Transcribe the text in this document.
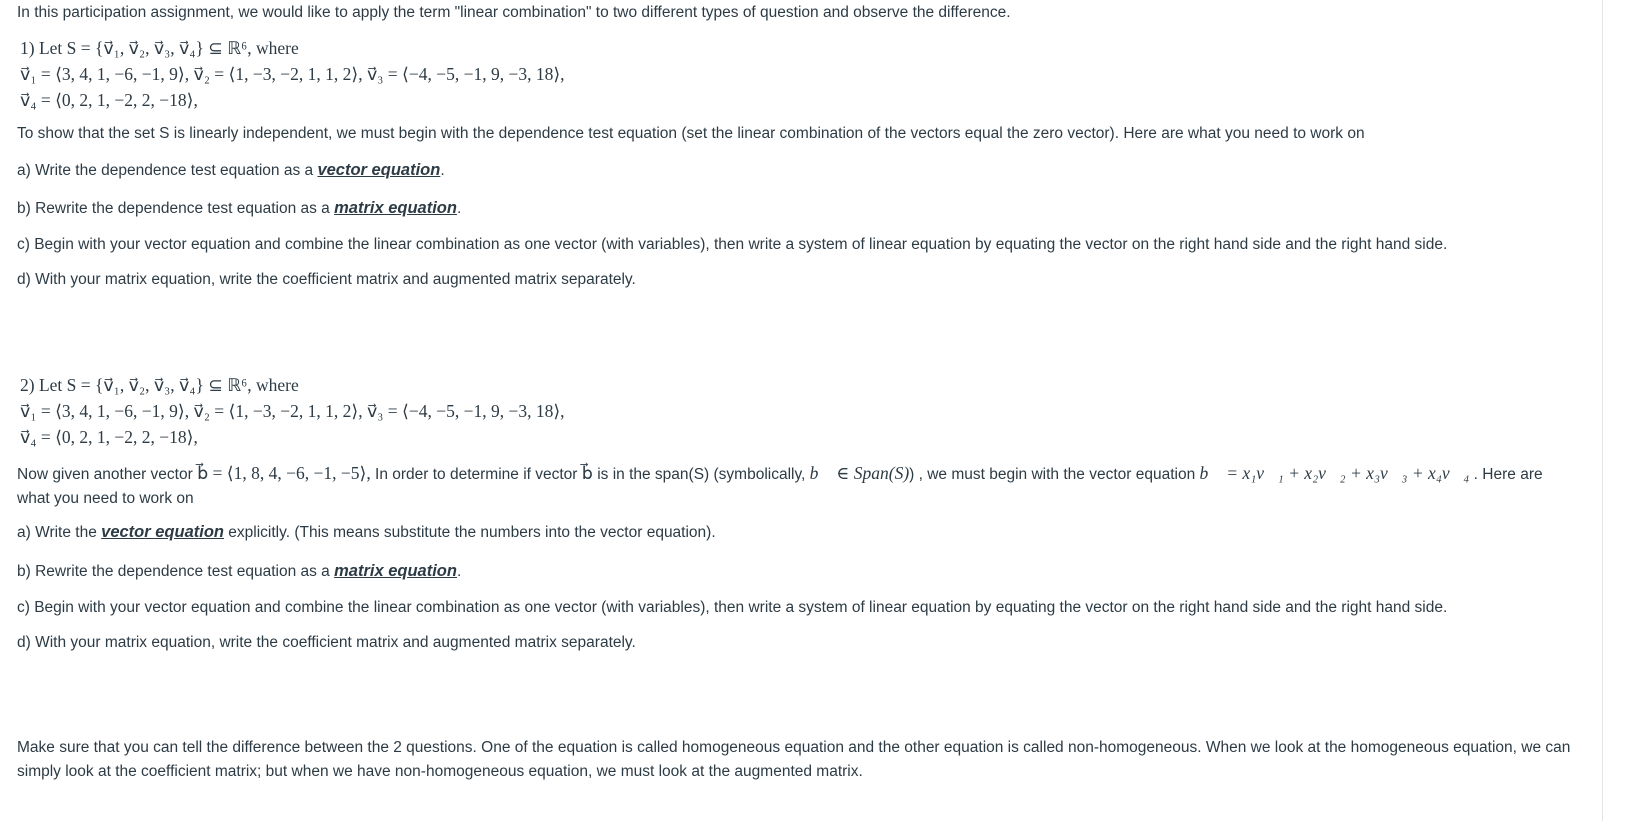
In this participation assignment, we would like to apply the term "linear combination" to two different types of question and observe the difference.
1) Let S = {v⃗₁, v⃗₂, v⃗₃, v⃗₄} ⊆ ℝ⁶, where
v⃗₁ = ⟨3, 4, 1, −6, −1, 9⟩, v⃗₂ = ⟨1, −3, −2, 1, 1, 2⟩, v⃗₃ = ⟨−4, −5, −1, 9, −3, 18⟩,
v⃗₄ = ⟨0, 2, 1, −2, 2, −18⟩,
To show that the set S is linearly independent, we must begin with the dependence test equation (set the linear combination of the vectors equal the zero vector). Here are what you need to work on
a) Write the dependence test equation as a vector equation.
b) Rewrite the dependence test equation as a matrix equation.
c) Begin with your vector equation and combine the linear combination as one vector (with variables), then write a system of linear equation by equating the vector on the right hand side and the right hand side.
d) With your matrix equation, write the coefficient matrix and augmented matrix separately.
2) Let S = {v⃗₁, v⃗₂, v⃗₃, v⃗₄} ⊆ ℝ⁶, where
v⃗₁ = ⟨3, 4, 1, −6, −1, 9⟩, v⃗₂ = ⟨1, −3, −2, 1, 1, 2⟩, v⃗₃ = ⟨−4, −5, −1, 9, −3, 18⟩,
v⃗₄ = ⟨0, 2, 1, −2, 2, −18⟩,
Now given another vector b⃗ = ⟨1, 8, 4, −6, −1, −5⟩, In order to determine if vector b⃗ is in the span(S) (symbolically, b⃗ ∈ Span(S)) , we must begin with the vector equation b⃗ = x₁v⃗₁ + x₂v⃗₂ + x₃v⃗₃ + x₄v⃗₄ . Here are what you need to work on
a) Write the vector equation explicitly. (This means substitute the numbers into the vector equation).
b) Rewrite the dependence test equation as a matrix equation.
c) Begin with your vector equation and combine the linear combination as one vector (with variables), then write a system of linear equation by equating the vector on the right hand side and the right hand side.
d) With your matrix equation, write the coefficient matrix and augmented matrix separately.
Make sure that you can tell the difference between the 2 questions. One of the equation is called homogeneous equation and the other equation is called non-homogeneous. When we look at the homogeneous equation, we can simply look at the coefficient matrix; but when we have non-homogeneous equation, we must look at the augmented matrix.
